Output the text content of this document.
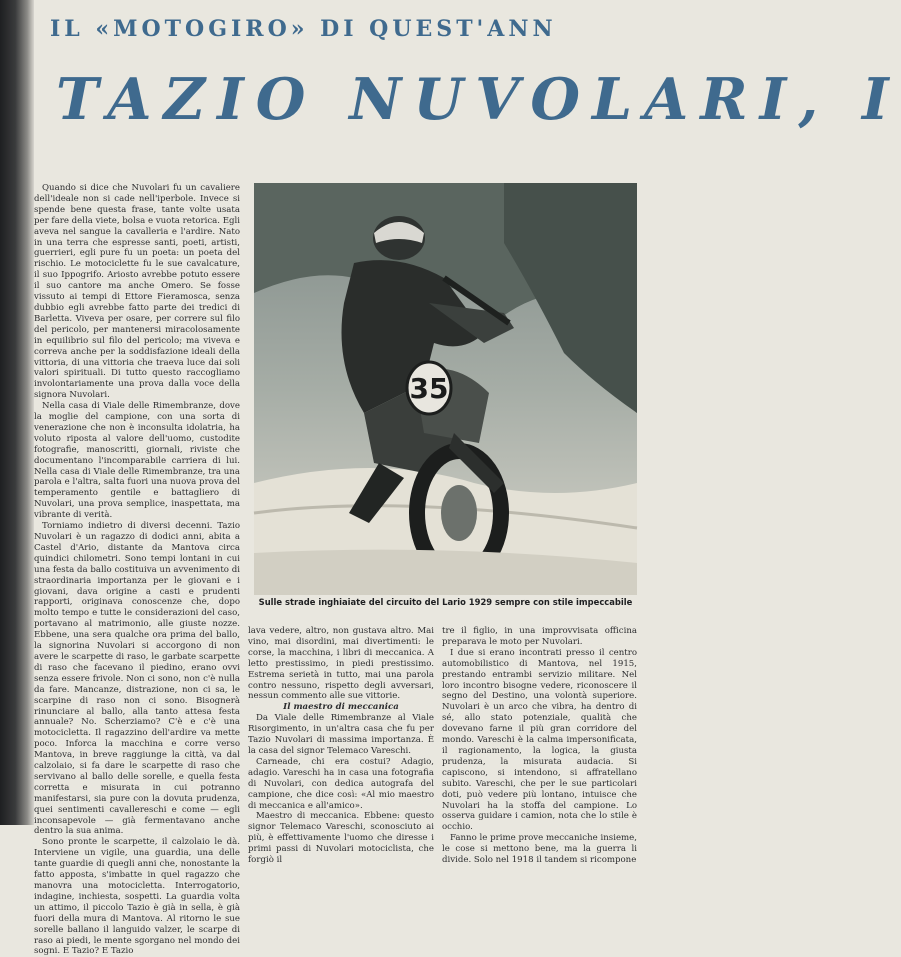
IL «MOTOGIRO» DI QUEST'ANN
TAZIO NUVOLARI, I

Quando si dice che Nuvolari fu un cavaliere dell'ideale non si cade nell'iperbole. Invece si spende bene questa frase, tante volte usata per fare della viete, bolsa e vuota retorica. Egli aveva nel sangue la cavalleria e l'ardire. Nato in una terra che espresse santi, poeti, artisti, guerrieri, egli pure fu un poeta: un poeta del rischio. Le motociclette fu le sue cavalcature, il suo Ippogrifo. Ariosto avrebbe potuto essere il suo cantore ma anche Omero. Se fosse vissuto ai tempi di Ettore Fieramosca, senza dubbio egli avrebbe fatto parte dei tredici di Barletta. Viveva per osare, per correre sul filo del pericolo, per mantenersi miracolosamente in equilibrio sul filo del pericolo; ma viveva e correva anche per la soddisfazione ideali della vittoria, di una vittoria che traeva luce dai soli valori spirituali. Di tutto questo raccogliamo involontariamente una prova dalla voce della signora Nuvolari.

Nella casa di Viale delle Rimembranze, dove la moglie del campione, con una sorta di venerazione che non è inconsulta idolatria, ha voluto riposta al valore dell'uomo, custodite fotografie, manoscritti, giornali, riviste che documentano l'incomparabile carriera di lui. Nella casa di Viale delle Rimembranze, tra una parola e l'altra, salta fuori una nuova prova del temperamento gentile e battagliero di Nuvolari, una prova semplice, inaspettata, ma vibrante di verità.

Torniamo indietro di diversi decenni. Tazio Nuvolari è un ragazzo di dodici anni, abita a Castel d'Ario, distante da Mantova circa quindici chilometri. Sono tempi lontani in cui una festa da ballo costituiva un avvenimento di straordinaria importanza per le giovani e i giovani, dava origine a casti e prudenti rapporti, originava conoscenze che, dopo molto tempo e tutte le considerazioni del caso, portavano al matrimonio, alle giuste nozze. Ebbene, una sera qualche ora prima del ballo, la signorina Nuvolari si accorgono di non avere le scarpette di raso, le garbate scarpette di raso che facevano il piedino, erano ovvi senza essere frivole. Non ci sono, non c'è nulla da fare. Mancanze, distrazione, non ci sa, le scarpine di raso non ci sono. Bisognerà rinunciare al ballo, alla tanto attesa festa annuale? No. Scherziamo? C'è e c'è una motocicletta. Il ragazzino dell'ardire va mette poco. Inforca la macchina e corre verso Mantova, in breve raggiunge la città, va dal calzolaio, si fa dare le scarpette di raso che servivano al ballo delle sorelle, e quella festa corretta e misurata in cui potranno manifestarsi, sia pure con la dovuta prudenza, quei sentimenti cavallereschi e come — egli inconsapevole — già fermentavano anche dentro la sua anima.

Sono pronte le scarpette, il calzolaio le dà. Interviene un vigile, una guardia, una delle tante guardie di quegli anni che, nonostante la fatto apposta, s'imbatte in quel ragazzo che manovra una motocicletta. Interrogatorio, indagine, inchiesta, sospetti. La guardia volta un attimo, il piccolo Tazio è già in sella, è già fuori della mura di Mantova. Al ritorno le sue sorelle ballano il languido valzer, le scarpe di raso ai piedi, le mente sgorgano nel mondo dei sogni. E Tazio? E Tazio

35
Sulle strade inghiaiate del circuito del Lario 1929 sempre con stile impeccabile

lava vedere, altro, non gustava altro. Mai vino, mai disordini, mai divertimenti: le corse, la macchina, i libri di meccanica. A letto prestissimo, in piedi prestissimo. Estrema serietà in tutto, mai una parola contro nessuno, rispetto degli avversari, nessun commento alle sue vittorie.

Il maestro di meccanica

Da Viale delle Rimembranze al Viale Risorgimento, in un'altra casa che fu per Tazio Nuvolari di massima importanza. È la casa del signor Telemaco Vareschi.

Carneade, chi era costui? Adagio, adagio. Vareschi ha in casa una fotografia di Nuvolari, con dedica autografa del campione, che dice così: «Al mio maestro di meccanica e all'amico».

Maestro di meccanica. Ebbene: questo signor Telemaco Vareschi, sconosciuto ai più, è effettivamente l'uomo che diresse i primi passi di Nuvolari motociclista, che forgiò il

tre il figlio, in una improvvisata officina preparava le moto per Nuvolari.

I due si erano incontrati presso il centro automobilistico di Mantova, nel 1915, prestando entrambi servizio militare. Nel loro incontro bisogne vedere, riconoscere il segno del Destino, una volontà superiore. Nuvolari è un arco che vibra, ha dentro di sé, allo stato potenziale, qualità che dovevano farne il più gran corridore del mondo. Vareschi è la calma impersonificata, il ragionamento, la logica, la giusta prudenza, la misurata audacia. Si capiscono, si intendono, si affratellano subito. Vareschi, che per le sue particolari doti, può vedere più lontano, intuisce che Nuvolari ha la stoffa del campione. Lo osserva guidare i camion, nota che lo stile è occhio.

Fanno le prime prove meccaniche insieme, le cose si mettono bene, ma la guerra li divide. Solo nel 1918 il tandem si ricompone
